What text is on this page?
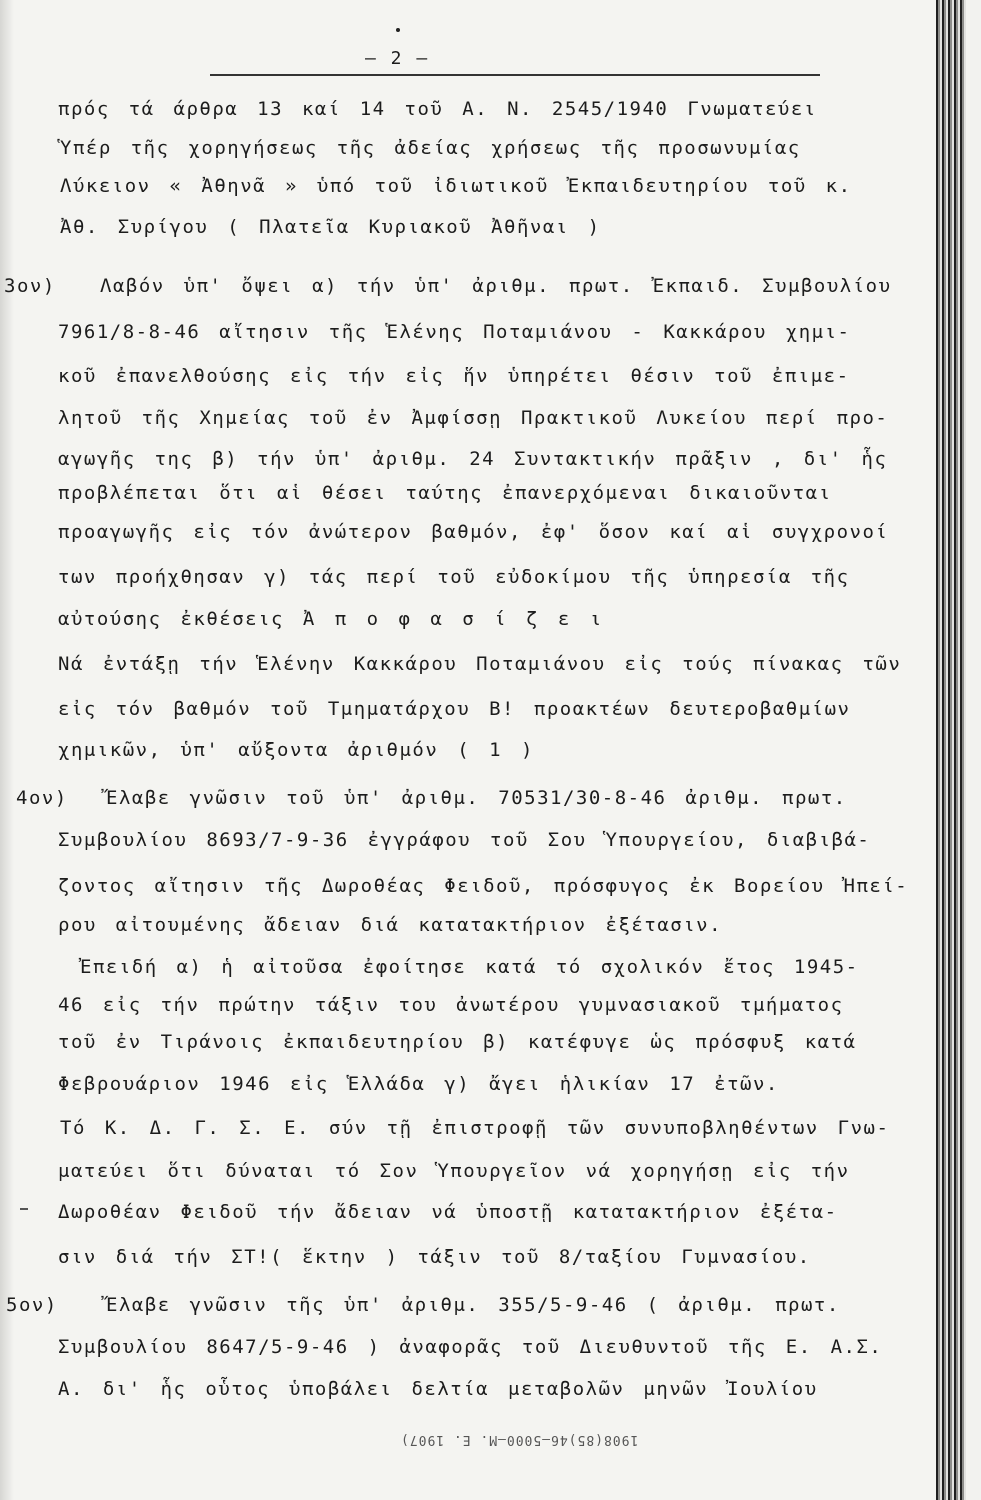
— 2 —
πρός τά άρθρα 13 καί 14 τοῦ Α. Ν. 2545/1940 Γνωματεύει
Ὑπέρ τῆς χορηγήσεως τῆς ἀδείας χρήσεως τῆς προσωνυμίας
Λύκειον « Ἀθηνᾶ » ὑπό τοῦ ἰδιωτικοῦ Ἐκπαιδευτηρίου τοῦ κ.
Ἀθ. Συρίγου ( Πλατεῖα Κυριακοῦ Ἀθῆναι )
3ον) Λαβόν ὑπ' ὄψει α) τήν ὑπ' ἀριθμ. πρωτ. Ἐκπαιδ. Συμβουλίου
7961/8-8-46 αἴτησιν τῆς Ἑλένης Ποταμιάνου - Κακκάρου χημι-
κοῦ ἐπανελθούσης εἰς τήν εἰς ἥν ὑπηρέτει θέσιν τοῦ ἐπιμε-
λητοῦ τῆς Χημείας τοῦ ἐν Ἀμφίσσῃ Πρακτικοῦ Λυκείου περί προ-
αγωγῆς της β) τήν ὑπ' ἀριθμ. 24 Συντακτικήν πρᾶξιν , δι' ἧς
προβλέπεται ὅτι αἱ θέσει ταύτης ἐπανερχόμεναι δικαιοῦνται
προαγωγῆς εἰς τόν ἀνώτερον βαθμόν, ἐφ' ὅσον καί αἱ συγχρονοί
των προήχθησαν γ) τάς περί τοῦ εὐδοκίμου τῆς ὑπηρεσία τῆς
αὐτούσης ἐκθέσεις Ἀ π ο φ α σ ί ζ ε ι
Νά ἐντάξῃ τήν Ἑλένην Κακκάρου Ποταμιάνου εἰς τούς πίνακας τῶν
εἰς τόν βαθμόν τοῦ Τμηματάρχου Β! προακτέων δευτεροβαθμίων
χημικῶν, ὑπ' αὔξοντα ἀριθμόν ( 1 )
4ον) Ἔλαβε γνῶσιν τοῦ ὑπ' ἀριθμ. 70531/30-8-46 ἀριθμ. πρωτ.
Συμβουλίου 8693/7-9-36 ἐγγράφου τοῦ Σου Ὑπουργείου, διαβιβά-
ζοντος αἴτησιν τῆς Δωροθέας Φειδοῦ, πρόσφυγος ἐκ Βορείου Ἠπεί-
ρου αἰτουμένης ἄδειαν διά κατατακτήριον ἐξέτασιν.
Ἐπειδή α) ἡ αἰτοῦσα ἐφοίτησε κατά τό σχολικόν ἔτος 1945-
46 εἰς τήν πρώτην τάξιν του ἀνωτέρου γυμνασιακοῦ τμήματος
τοῦ ἐν Τιράνοις ἐκπαιδευτηρίου β) κατέφυγε ὡς πρόσφυξ κατά
Φεβρουάριον 1946 εἰς Ἑλλάδα γ) ἄγει ἡλικίαν 17 ἐτῶν.
Τό Κ. Δ. Γ. Σ. Ε. σύν τῇ ἐπιστροφῇ τῶν συνυποβληθέντων Γνω-
ματεύει ὅτι δύναται τό Σον Ὑπουργεῖον νά χορηγήσῃ εἰς τήν
Δωροθέαν Φειδοῦ τήν ἄδειαν νά ὑποστῇ κατατακτήριον ἐξέτα-
σιν διά τήν ΣΤ!( ἕκτην ) τάξιν τοῦ 8/ταξίου Γυμνασίου.
5ον)	Ἔλαβε γνῶσιν τῆς ὑπ' ἀριθμ. 355/5-9-46 ( ἀριθμ. πρωτ.
Συμβουλίου 8647/5-9-46 ) ἀναφορᾶς τοῦ Διευθυντοῦ τῆς Ε. Α.Σ.
Α. δι' ἧς οὗτος ὑποβάλει δελτία μεταβολῶν μηνῶν Ἰουλίου
1908(85)46—5000—M. E. 1907)
